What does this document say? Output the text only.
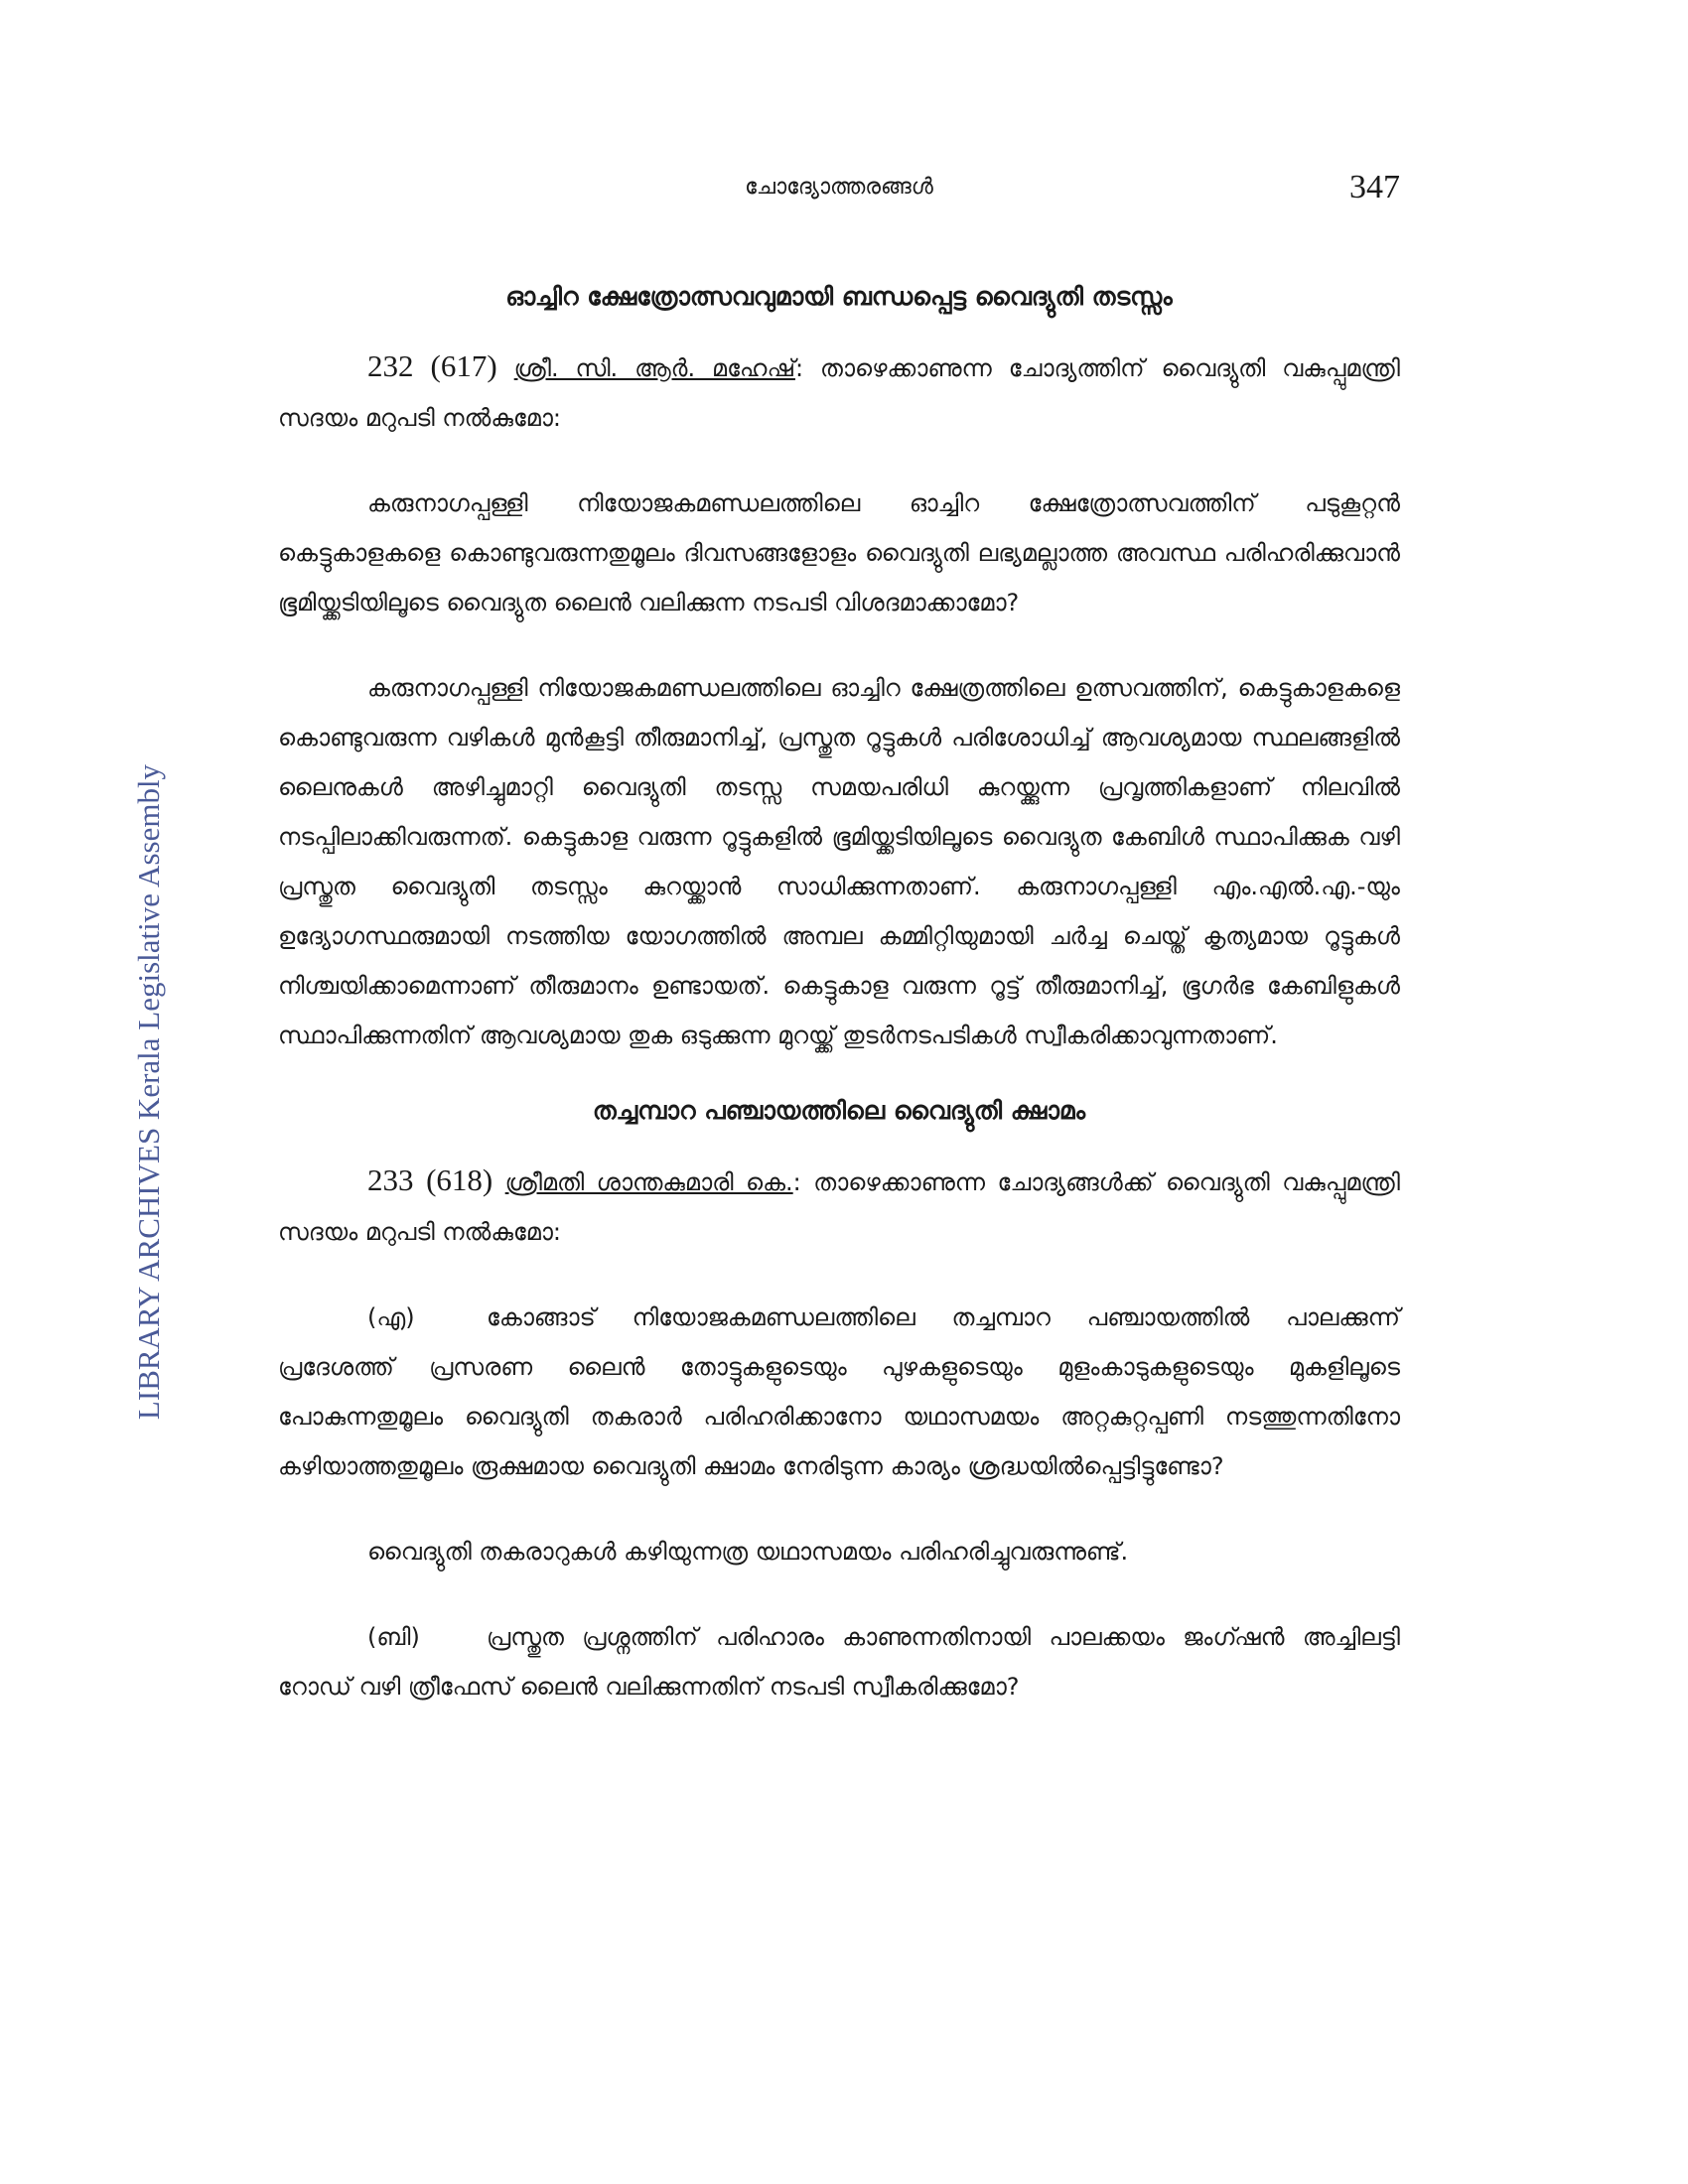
ചോദ്യോത്തരങ്ങൾ	347
LIBRARY ARCHIVES Kerala Legislative Assembly
ഓച്ചിറ ക്ഷേത്രോത്സവവുമായി ബന്ധപ്പെട്ട വൈദ്യുതി തടസ്സം

232 (617) ശ്രീ. സി. ആർ. മഹേഷ്: താഴെക്കാണുന്ന ചോദ്യത്തിന് വൈദ്യുതി വകുപ്പുമന്ത്രി സദയം മറുപടി നൽകുമോ:

കരുനാഗപ്പള്ളി നിയോജകമണ്ഡലത്തിലെ ഓച്ചിറ ക്ഷേത്രോത്സവത്തിന് പടുകൂറ്റൻ കെട്ടുകാളകളെ കൊണ്ടുവരുന്നതുമൂലം ദിവസങ്ങളോളം വൈദ്യുതി ലഭ്യമല്ലാത്ത അവസ്ഥ പരിഹരിക്കുവാൻ ഭൂമിയ്ക്കടിയിലൂടെ വൈദ്യുത ലൈൻ വലിക്കുന്ന നടപടി വിശദമാക്കാമോ?

കരുനാഗപ്പള്ളി നിയോജകമണ്ഡലത്തിലെ ഓച്ചിറ ക്ഷേത്രത്തിലെ ഉത്സവത്തിന്, കെട്ടുകാളകളെ കൊണ്ടുവരുന്ന വഴികൾ മുൻകൂട്ടി തീരുമാനിച്ച്, പ്രസ്തുത റൂട്ടുകൾ പരിശോധിച്ച് ആവശ്യമായ സ്ഥലങ്ങളിൽ ലൈനുകൾ അഴിച്ചുമാറ്റി വൈദ്യുതി തടസ്സ സമയപരിധി കുറയ്ക്കുന്ന പ്രവൃത്തികളാണ് നിലവിൽ നടപ്പിലാക്കിവരുന്നത്. കെട്ടുകാള വരുന്ന റൂട്ടുകളിൽ ഭൂമിയ്ക്കടിയിലൂടെ വൈദ്യുത കേബിൾ സ്ഥാപിക്കുക വഴി പ്രസ്തുത വൈദ്യുതി തടസ്സം കുറയ്ക്കാൻ സാധിക്കുന്നതാണ്. കരുനാഗപ്പള്ളി എം.എൽ.എ.-യും ഉദ്യോഗസ്ഥരുമായി നടത്തിയ യോഗത്തിൽ അമ്പല കമ്മിറ്റിയുമായി ചർച്ച ചെയ്ത് കൃത്യമായ റൂട്ടുകൾ നിശ്ചയിക്കാമെന്നാണ് തീരുമാനം ഉണ്ടായത്. കെട്ടുകാള വരുന്ന റൂട്ട് തീരുമാനിച്ച്, ഭൂഗർഭ കേബിളുകൾ സ്ഥാപിക്കുന്നതിന് ആവശ്യമായ തുക ഒടുക്കുന്ന മുറയ്ക്ക് തുടർനടപടികൾ സ്വീകരിക്കാവുന്നതാണ്.

തച്ചമ്പാറ പഞ്ചായത്തിലെ വൈദ്യുതി ക്ഷാമം

233 (618) ശ്രീമതി ശാന്തകുമാരി കെ.: താഴെക്കാണുന്ന ചോദ്യങ്ങൾക്ക് വൈദ്യുതി വകുപ്പുമന്ത്രി സദയം മറുപടി നൽകുമോ:

(എ)	കോങ്ങാട് നിയോജകമണ്ഡലത്തിലെ തച്ചമ്പാറ പഞ്ചായത്തിൽ പാലക്കുന്ന് പ്രദേശത്ത് പ്രസരണ ലൈൻ തോട്ടുകളുടെയും പുഴകളുടെയും മുളംകാടുകളുടെയും മുകളിലൂടെ പോകുന്നതുമൂലം വൈദ്യുതി തകരാർ പരിഹരിക്കാനോ യഥാസമയം അറ്റകുറ്റപ്പണി നടത്തുന്നതിനോ കഴിയാത്തതുമൂലം രൂക്ഷമായ വൈദ്യുതി ക്ഷാമം നേരിടുന്ന കാര്യം ശ്രദ്ധയിൽപ്പെട്ടിട്ടുണ്ടോ?

വൈദ്യുതി തകരാറുകൾ കഴിയുന്നത്ര യഥാസമയം പരിഹരിച്ചുവരുന്നുണ്ട്.

(ബി)	പ്രസ്തുത പ്രശ്നത്തിന് പരിഹാരം കാണുന്നതിനായി പാലക്കയം ജംഗ്ഷൻ അച്ചിലട്ടി റോഡ് വഴി ത്രീഫേസ് ലൈൻ വലിക്കുന്നതിന് നടപടി സ്വീകരിക്കുമോ?
